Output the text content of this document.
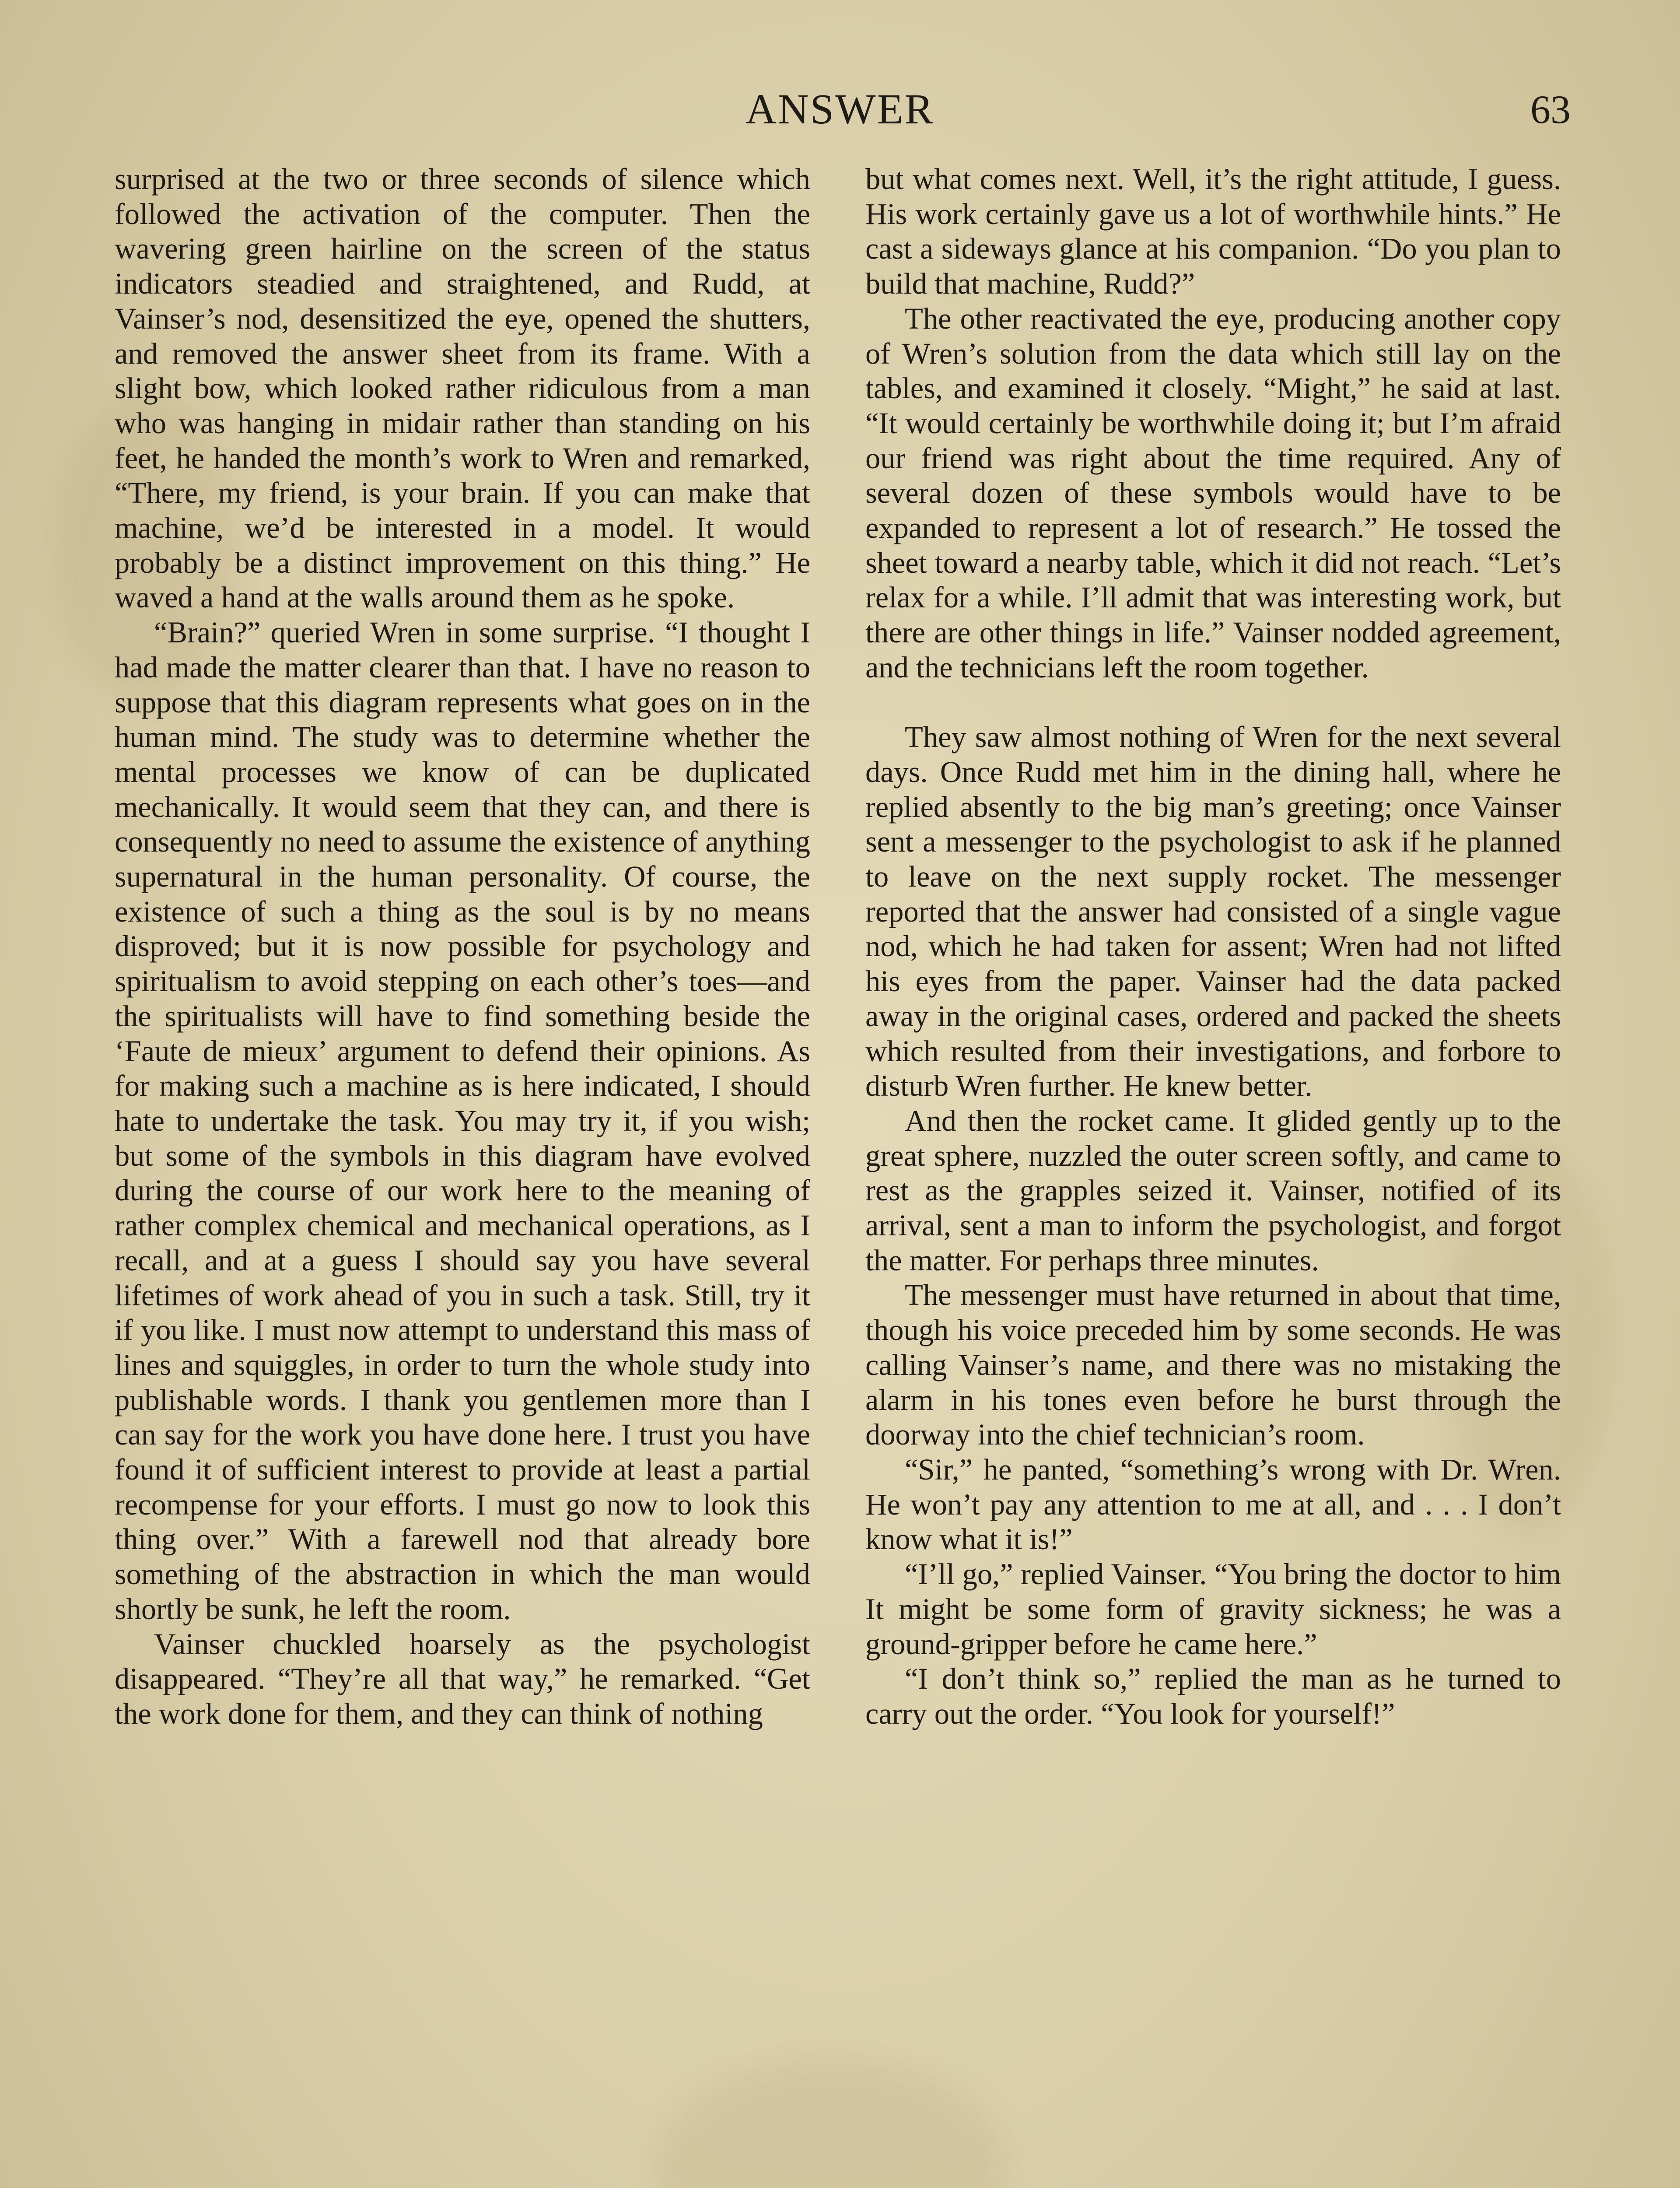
ANSWER	63

surprised at the two or three seconds of silence which followed the activation of the computer. Then the wavering green hairline on the screen of the status indicators steadied and straightened, and Rudd, at Vainser’s nod, desensitized the eye, opened the shutters, and removed the answer sheet from its frame. With a slight bow, which looked rather ridiculous from a man who was hanging in midair rather than standing on his feet, he handed the month’s work to Wren and remarked, “There, my friend, is your brain. If you can make that machine, we’d be interested in a model. It would probably be a distinct improvement on this thing.” He waved a hand at the walls around them as he spoke.

“Brain?” queried Wren in some surprise. “I thought I had made the matter clearer than that. I have no reason to suppose that this diagram represents what goes on in the human mind. The study was to determine whether the mental processes we know of can be duplicated mechanically. It would seem that they can, and there is consequently no need to assume the existence of anything supernatural in the human personality. Of course, the existence of such a thing as the soul is by no means disproved; but it is now possible for psychology and spiritualism to avoid stepping on each other’s toes—and the spiritualists will have to find something beside the ‘Faute de mieux’ argument to defend their opinions. As for making such a machine as is here indicated, I should hate to undertake the task. You may try it, if you wish; but some of the symbols in this diagram have evolved during the course of our work here to the meaning of rather complex chemical and mechanical operations, as I recall, and at a guess I should say you have several lifetimes of work ahead of you in such a task. Still, try it if you like. I must now attempt to understand this mass of lines and squiggles, in order to turn the whole study into publishable words. I thank you gentlemen more than I can say for the work you have done here. I trust you have found it of sufficient interest to provide at least a partial recompense for your efforts. I must go now to look this thing over.” With a farewell nod that already bore something of the abstraction in which the man would shortly be sunk, he left the room.

Vainser chuckled hoarsely as the psychologist disappeared. “They’re all that way,” he remarked. “Get the work done for them, and they can think of nothing

but what comes next. Well, it’s the right attitude, I guess. His work certainly gave us a lot of worthwhile hints.” He cast a sideways glance at his companion. “Do you plan to build that machine, Rudd?”

The other reactivated the eye, producing another copy of Wren’s solution from the data which still lay on the tables, and examined it closely. “Might,” he said at last. “It would certainly be worthwhile doing it; but I’m afraid our friend was right about the time required. Any of several dozen of these symbols would have to be expanded to represent a lot of research.” He tossed the sheet toward a nearby table, which it did not reach. “Let’s relax for a while. I’ll admit that was interesting work, but there are other things in life.” Vainser nodded agreement, and the technicians left the room together.

They saw almost nothing of Wren for the next several days. Once Rudd met him in the dining hall, where he replied absently to the big man’s greeting; once Vainser sent a messenger to the psychologist to ask if he planned to leave on the next supply rocket. The messenger reported that the answer had consisted of a single vague nod, which he had taken for assent; Wren had not lifted his eyes from the paper. Vainser had the data packed away in the original cases, ordered and packed the sheets which resulted from their investigations, and forbore to disturb Wren further. He knew better.

And then the rocket came. It glided gently up to the great sphere, nuzzled the outer screen softly, and came to rest as the grapples seized it. Vainser, notified of its arrival, sent a man to inform the psychologist, and forgot the matter. For perhaps three minutes.

The messenger must have returned in about that time, though his voice preceded him by some seconds. He was calling Vainser’s name, and there was no mistaking the alarm in his tones even before he burst through the doorway into the chief technician’s room.

“Sir,” he panted, “something’s wrong with Dr. Wren. He won’t pay any attention to me at all, and . . . I don’t know what it is!”

“I’ll go,” replied Vainser. “You bring the doctor to him It might be some form of gravity sickness; he was a ground-gripper before he came here.”

“I don’t think so,” replied the man as he turned to carry out the order. “You look for yourself!”
